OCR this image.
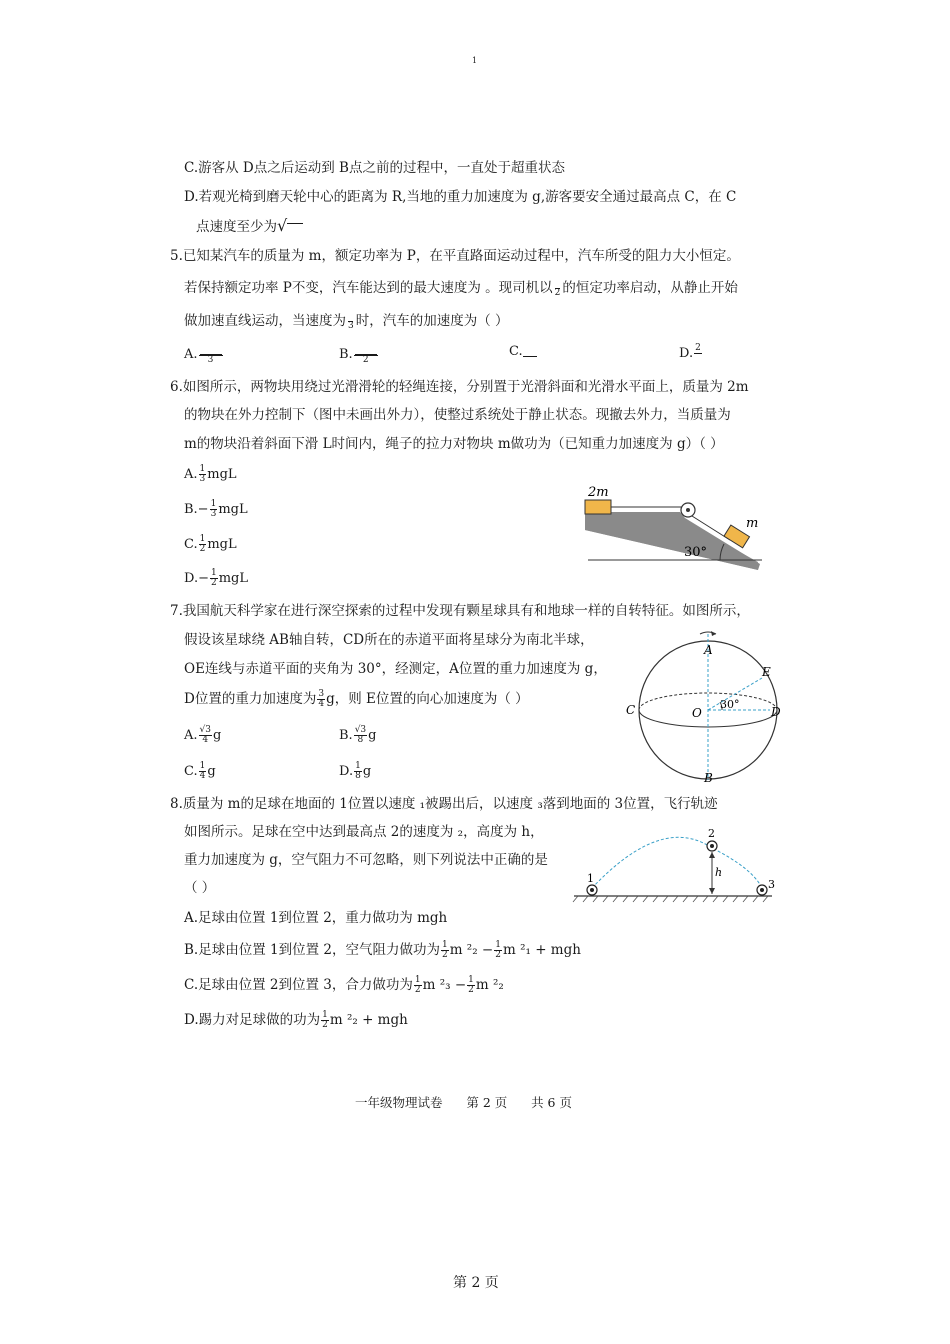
1
C.游客从 D点之后运动到 B点之前的过程中，一直处于超重状态
D.若观光椅到磨天轮中心的距离为 R,当地的重力加速度为 g,游客要安全通过最高点 C，在 C
点速度至少为√
5.已知某汽车的质量为 m，额定功率为 P，在平直路面运动过程中，汽车所受的阻力大小恒定。
若保持额定功率 P不变，汽车能达到的最大速度为 。现司机以
2 的恒定功率启动，从静止开始
做加速直线运动，当速度为
3 时，汽车的加速度为（ ）
A. 3	B. 2
C.	D. 2

6.如图所示，两物块用绕过光滑滑轮的轻绳连接，分别置于光滑斜面和光滑水平面上，质量为 2m
的物块在外力控制下（图中未画出外力），使整过系统处于静止状态。现撤去外力，当质量为
m的物块沿着斜面下滑 L时间内，绳子的拉力对物块 m做功为（已知重力加速度为 g）（ ）
A. $\frac{1}{3}$ mgL
$B.- \frac{1}{3}$ mgL
C. $\frac{1}{2}$ mgL
$D.- \frac{1}{2}$ mgL
2m
m
30°
7.我国航天科学家在进行深空探索的过程中发现有颗星球具有和地球一样的自转特征。如图所示，
假设该星球绕 AB轴自转，CD所在的赤道平面将星球分为南北半球，
OE连线与赤道平面的夹角为 30°，经测定，A位置的重力加速度为 g，
D位置的重力加速度为 $\frac{3}{4}$ g，则 E位置的向心加速度为（ ）
A. $\frac{√3}{4}$ g	B. $\frac{√3}{8}$ g
C. $\frac{1}{4}$ g	D. $\frac{1}{8}$ g
A
B
C	D
E
O
30°
8.质量为 m的足球在地面的 1位置以速度 ₁被踢出后，以速度 ₃落到地面的 3位置，飞行轨迹
如图所示。足球在空中达到最高点 2的速度为 ₂，高度为 h，
重力加速度为 g，空气阻力不可忽略，则下列说法中正确的是
（ ）
A.足球由位置 1到位置 2，重力做功为 mgh
B.足球由位置 1到位置 2，空气阻力做功为 $\frac{1}{2}$ m $^2_2 - \frac{1}{2}$ m ²₁ + mgh
C.足球由位置 2到位置 3，合力做功为 $\frac{1}{2}$ m $^2_3 - \frac{1}{2}$ m ²₂
D.踢力对足球做的功为 $\frac{1}{2}$ m ²₂ + mgh
1
2
3
h
一年级物理试卷      第 2 页      共 6 页
第 2 页
